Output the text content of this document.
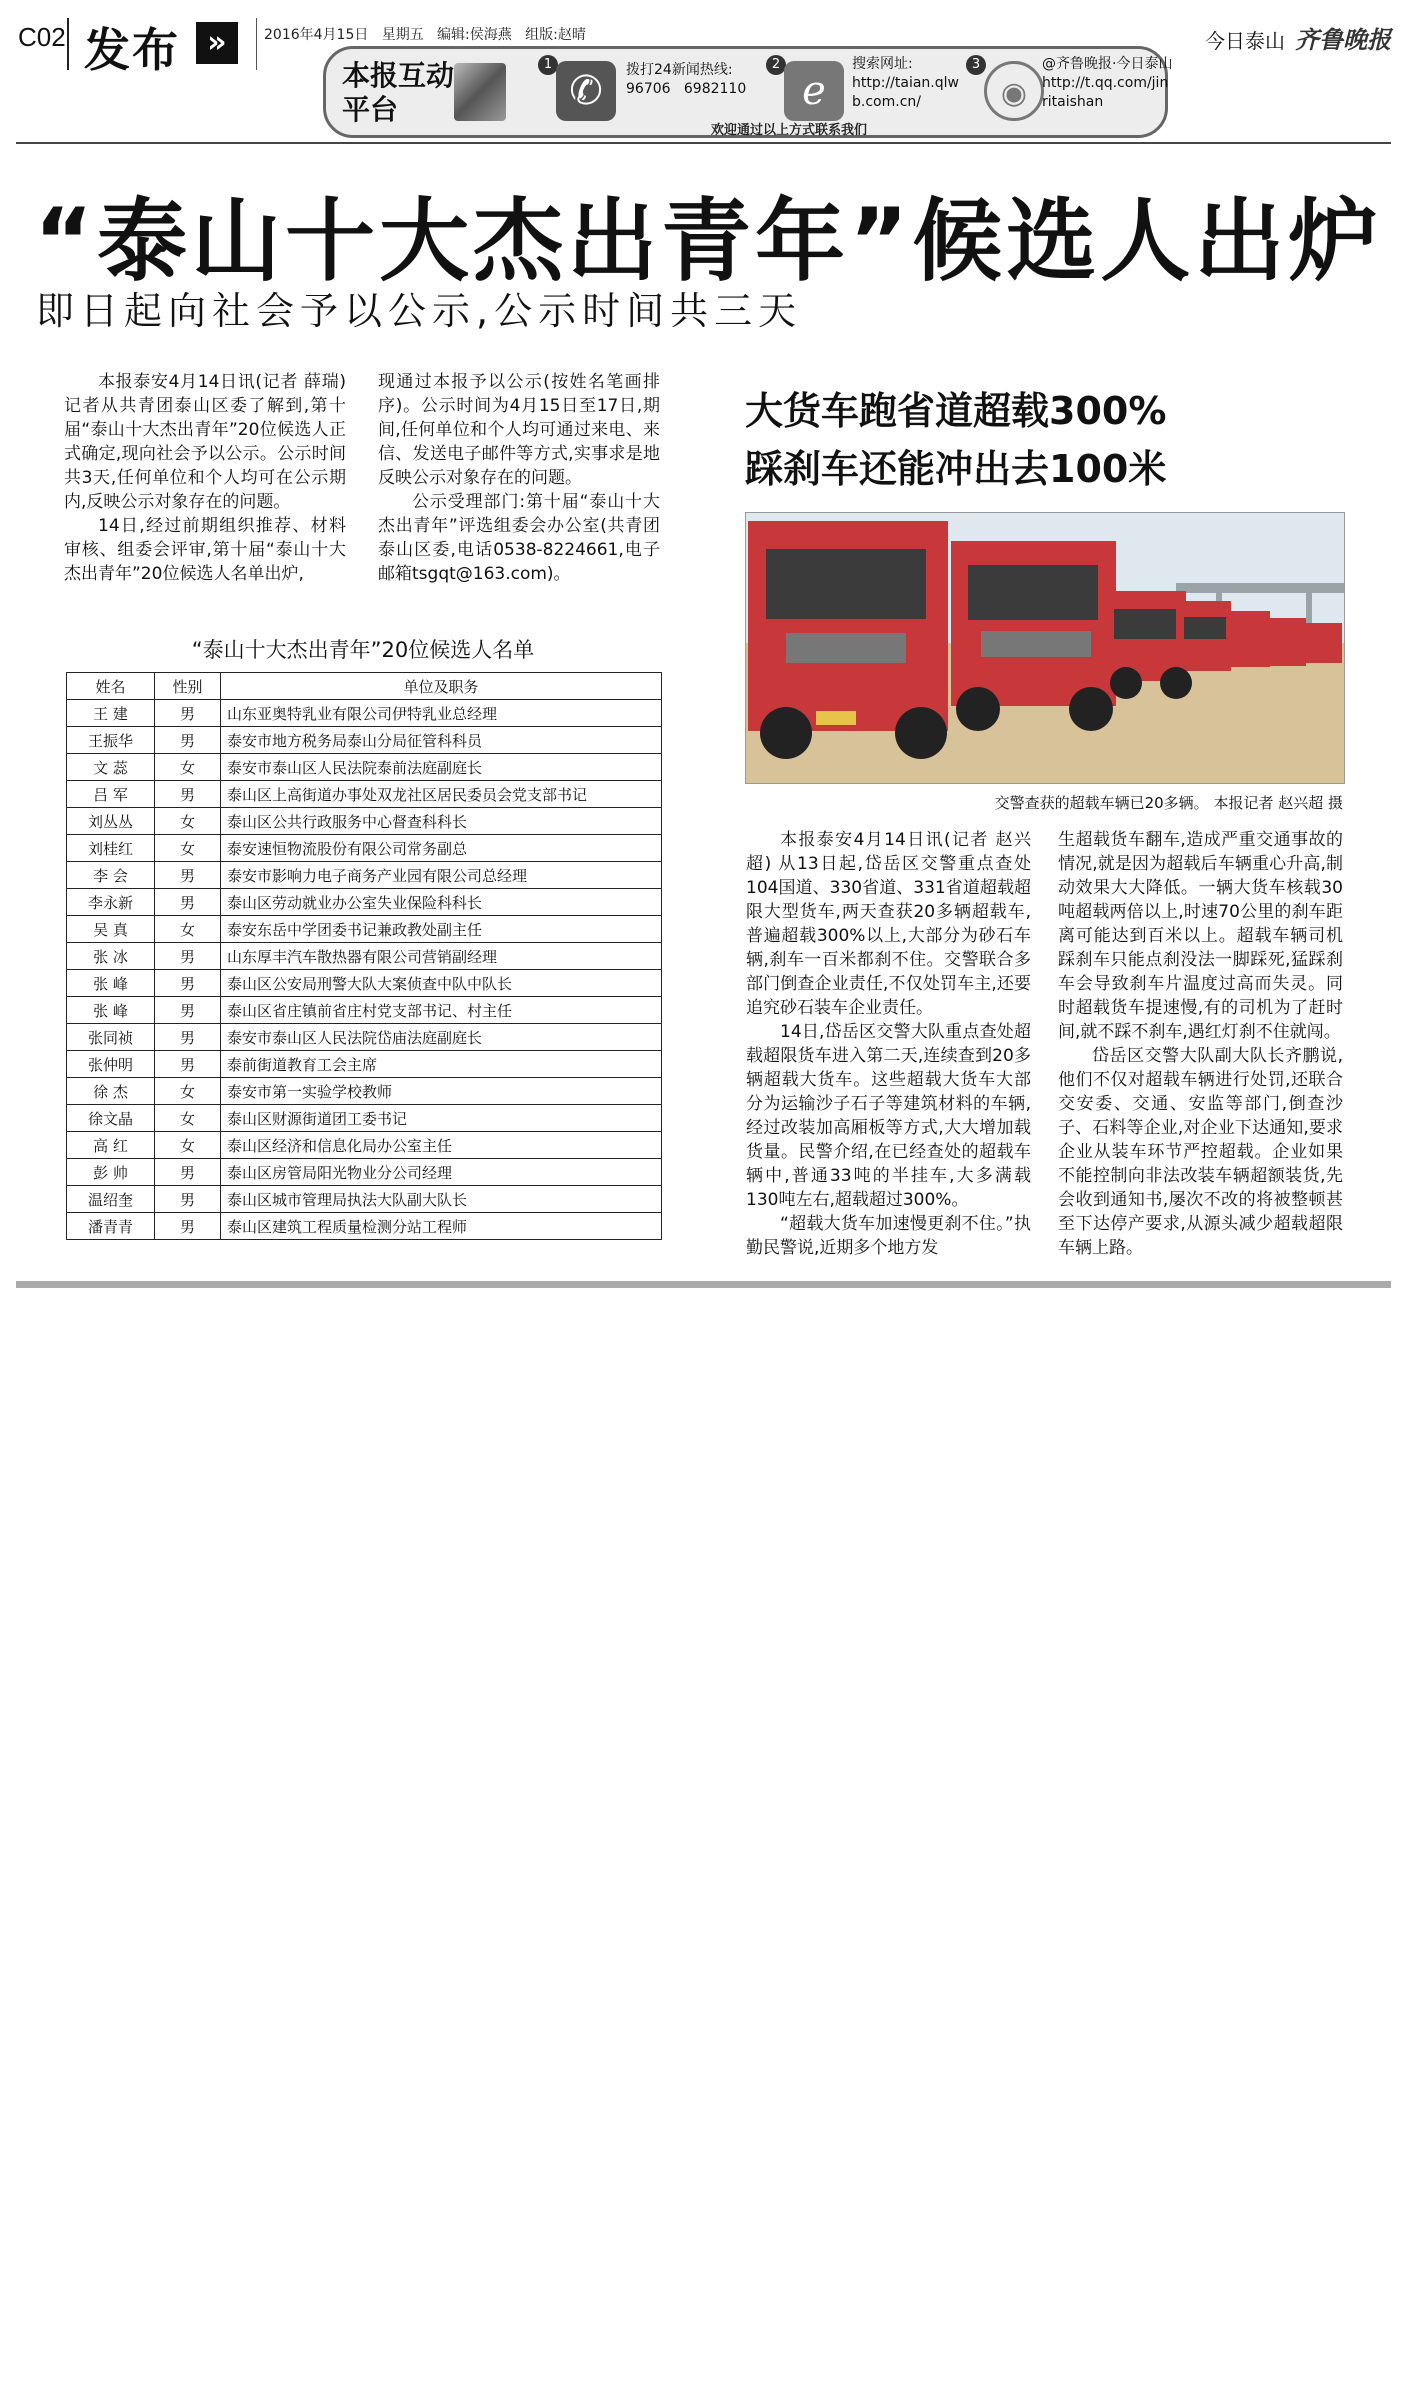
C02 发布 »	2016年4月15日   星期五   编辑:侯海燕   组版:赵晴	今日泰山 齐鲁晚报
本报互动平台
1
✆	拨打24新闻热线:
96706   6982110
2
e
搜索网址:
http://taian.qlw
b.com.cn/
3
◉
@齐鲁晚报·今日泰山
http://t.qq.com/jin
ritaishan
欢迎通过以上方式联系我们
“泰山十大杰出青年”候选人出炉
即日起向社会予以公示,公示时间共三天

本报泰安4月14日讯(记者 薛瑞) 记者从共青团泰山区委了解到,第十届“泰山十大杰出青年”20位候选人正式确定,现向社会予以公示。公示时间共3天,任何单位和个人均可在公示期内,反映公示对象存在的问题。

14日,经过前期组织推荐、材料审核、组委会评审,第十届“泰山十大杰出青年”20位候选人名单出炉,

现通过本报予以公示(按姓名笔画排序)。公示时间为4月15日至17日,期间,任何单位和个人均可通过来电、来信、发送电子邮件等方式,实事求是地反映公示对象存在的问题。

公示受理部门:第十届“泰山十大杰出青年”评选组委会办公室(共青团泰山区委,电话0538-8224661,电子邮箱tsgqt@163.com)。

“泰山十大杰出青年”20位候选人名单
姓名	性别	单位及职务
王 建	男	山东亚奥特乳业有限公司伊特乳业总经理
王振华	男	泰安市地方税务局泰山分局征管科科员
文 蕊	女	泰安市泰山区人民法院泰前法庭副庭长
吕 军	男	泰山区上高街道办事处双龙社区居民委员会党支部书记
刘丛丛	女	泰山区公共行政服务中心督查科科长
刘桂红	女	泰安速恒物流股份有限公司常务副总
李 会	男	泰安市影响力电子商务产业园有限公司总经理
李永新	男	泰山区劳动就业办公室失业保险科科长
吴 真	女	泰安东岳中学团委书记兼政教处副主任
张 冰	男	山东厚丰汽车散热器有限公司营销副经理
张 峰	男	泰山区公安局刑警大队大案侦查中队中队长
张 峰	男	泰山区省庄镇前省庄村党支部书记、村主任
张同祯	男	泰安市泰山区人民法院岱庙法庭副庭长
张仲明	男	泰前街道教育工会主席
徐 杰	女	泰安市第一实验学校教师
徐文晶	女	泰山区财源街道团工委书记
高 红	女	泰山区经济和信息化局办公室主任
彭 帅	男	泰山区房管局阳光物业分公司经理
温绍奎	男	泰山区城市管理局执法大队副大队长
潘青青	男	泰山区建筑工程质量检测分站工程师
大货车跑省道超载300%
踩刹车还能冲出去100米
交警查获的超载车辆已20多辆。 本报记者 赵兴超 摄

本报泰安4月14日讯(记者 赵兴超) 从13日起,岱岳区交警重点查处104国道、330省道、331省道超载超限大型货车,两天查获20多辆超载车,普遍超载300%以上,大部分为砂石车辆,刹车一百米都刹不住。交警联合多部门倒查企业责任,不仅处罚车主,还要追究砂石装车企业责任。

14日,岱岳区交警大队重点查处超载超限货车进入第二天,连续查到20多辆超载大货车。这些超载大货车大部分为运输沙子石子等建筑材料的车辆,经过改装加高厢板等方式,大大增加载货量。民警介绍,在已经查处的超载车辆中,普通33吨的半挂车,大多满载130吨左右,超载超过300%。

“超载大货车加速慢更刹不住。”执勤民警说,近期多个地方发

生超载货车翻车,造成严重交通事故的情况,就是因为超载后车辆重心升高,制动效果大大降低。一辆大货车核载30吨超载两倍以上,时速70公里的刹车距离可能达到百米以上。超载车辆司机踩刹车只能点刹没法一脚踩死,猛踩刹车会导致刹车片温度过高而失灵。同时超载货车提速慢,有的司机为了赶时间,就不踩不刹车,遇红灯刹不住就闯。

岱岳区交警大队副大队长齐鹏说,他们不仅对超载车辆进行处罚,还联合交安委、交通、安监等部门,倒查沙子、石料等企业,对企业下达通知,要求企业从装车环节严控超载。企业如果不能控制向非法改装车辆超额装货,先会收到通知书,屡次不改的将被整顿甚至下达停产要求,从源头减少超载超限车辆上路。
